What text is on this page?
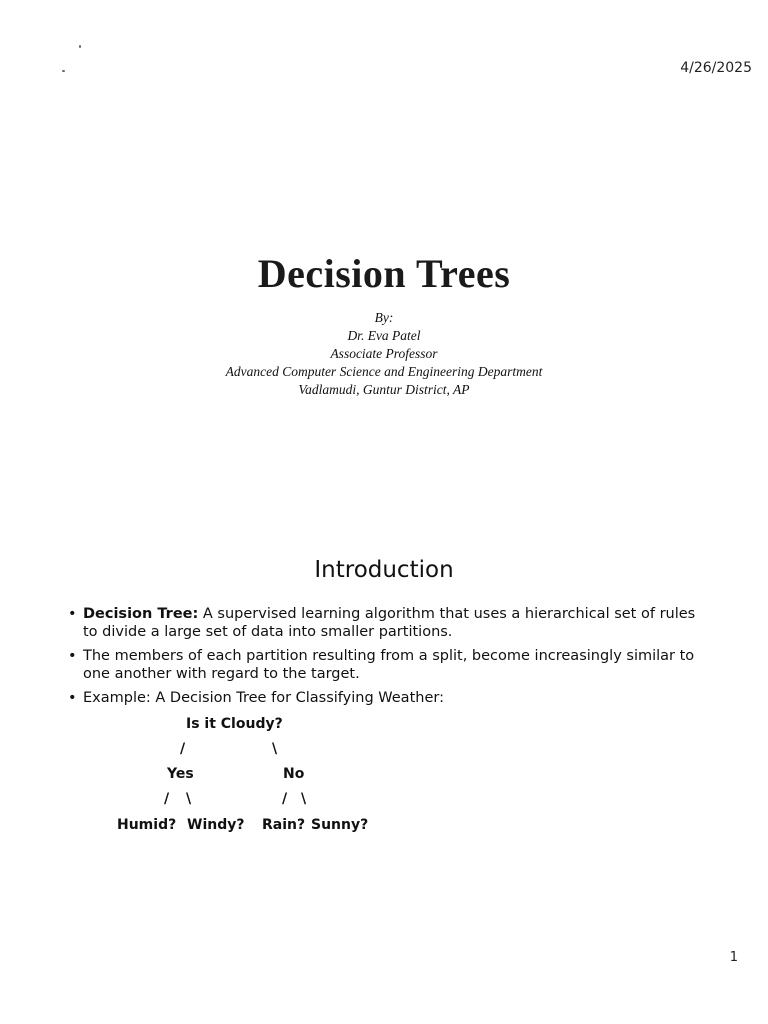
4/26/2025
Decision Trees
By:
Dr. Eva Patel
Associate Professor
Advanced Computer Science and Engineering Department
Vadlamudi, Guntur District, AP
Introduction
• Decision Tree: A supervised learning algorithm that uses a hierarchical set of rules to divide a large set of data into smaller partitions.
• The members of each partition resulting from a split, become increasingly similar to one another with regard to the target.
• Example: A Decision Tree for Classifying Weather:
Is it Cloudy?
/	\
Yes	No
/ \	/ \
Humid? Windy? Rain? Sunny?
1
